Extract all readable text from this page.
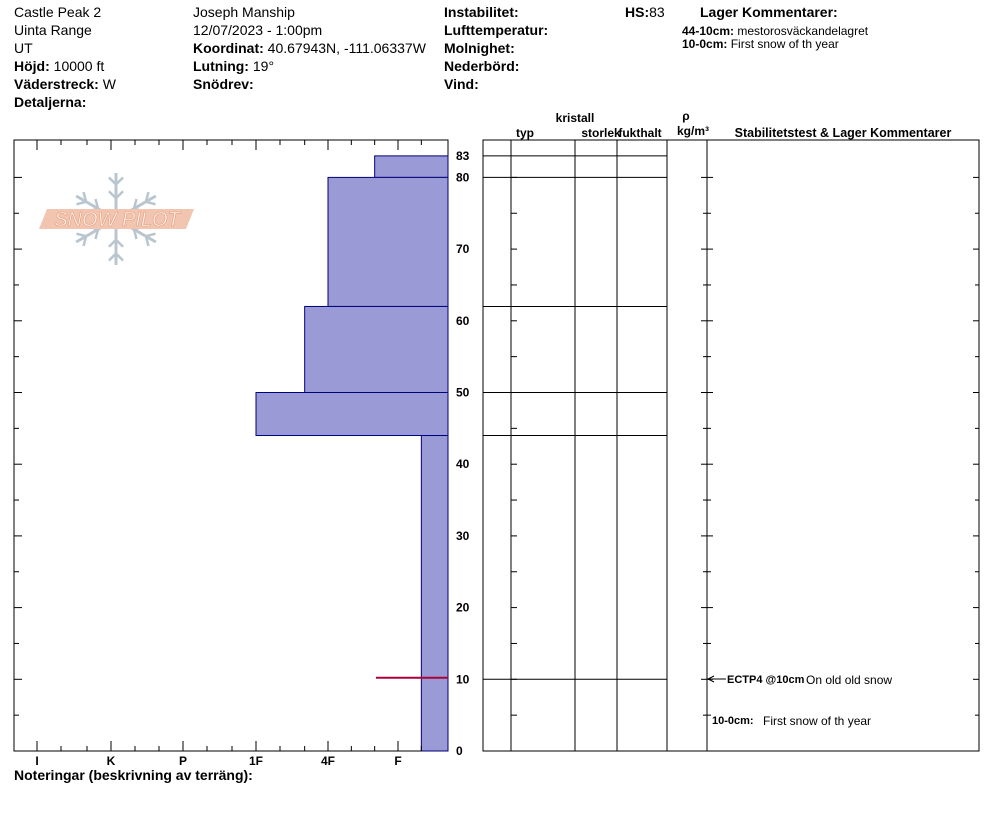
Castle Peak 2
Uinta Range
UT
Höjd: 10000 ft
Väderstreck: W
Detaljerna:
Joseph Manship
12/07/2023 - 1:00pm
Koordinat: 40.67943N, -111.06337W
Lutning: 19°
Snödrev:
Instabilitet:
Lufttemperatur:
Molnighet:
Nederbörd:
Vind:
HS:83	Lager Kommentarer:
44-10cm: mestorosväckandelagret
10-0cm: First snow of th year
Noteringar (beskrivning av terräng):
SNOW PILOT
I	K	P	1F	4F	F
0
10
20
30
40
50
60
70
80
83
kristall
typ	storlek
fukthalt
ρ
kg/m³ Stabilitetstest & Lager Kommentarer
ECTP4 @10cm On old old snow
10-0cm: First snow of th year
